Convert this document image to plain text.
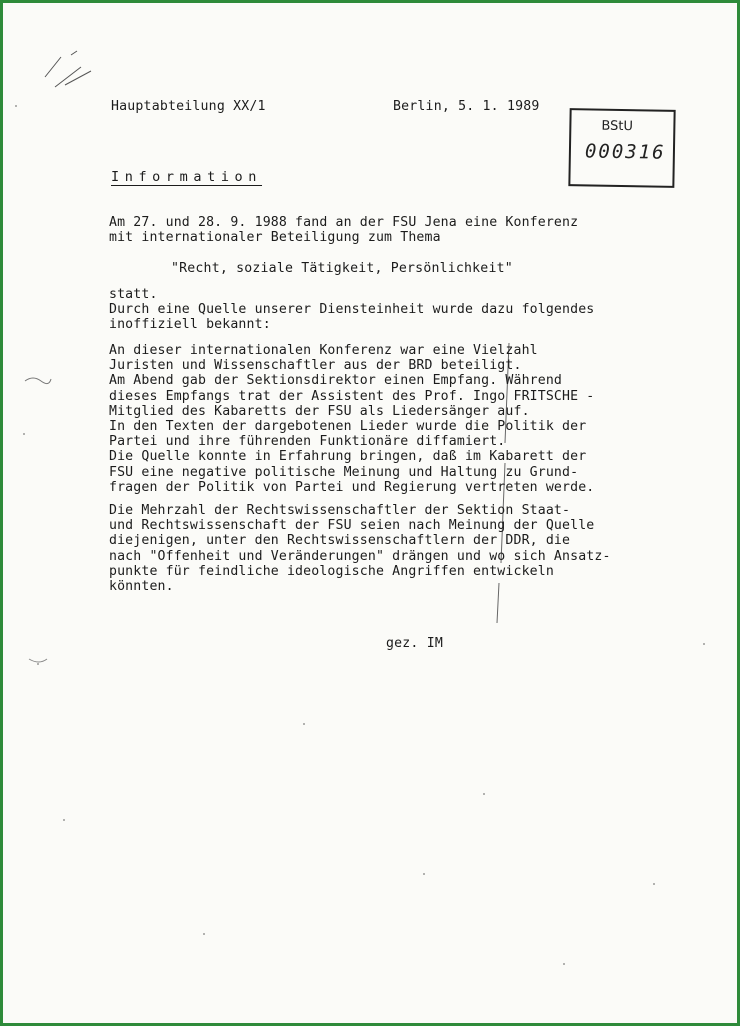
Hauptabteilung XX/1	Berlin, 5. 1. 1989
BStU
000316
Information
Am 27. und 28. 9. 1988 fand an der FSU Jena eine Konferenz
mit internationaler Beteiligung zum Thema
"Recht, soziale Tätigkeit, Persönlichkeit"
statt.
Durch eine Quelle unserer Diensteinheit wurde dazu folgendes
inoffiziell bekannt:
An dieser internationalen Konferenz war eine Vielzahl
Juristen und Wissenschaftler aus der BRD beteiligt.
Am Abend gab der Sektionsdirektor einen Empfang. Während
dieses Empfangs trat der Assistent des Prof. Ingo FRITSCHE -
Mitglied des Kabaretts der FSU als Liedersänger auf.
In den Texten der dargebotenen Lieder wurde die Politik der
Partei und ihre führenden Funktionäre diffamiert.
Die Quelle konnte in Erfahrung bringen, daß im Kabarett der
FSU eine negative politische Meinung und Haltung zu Grund-
fragen der Politik von Partei und Regierung vertreten werde.
Die Mehrzahl der Rechtswissenschaftler der Sektion Staat-
und Rechtswissenschaft der FSU seien nach Meinung der Quelle
diejenigen, unter den Rechtswissenschaftlern der DDR, die
nach "Offenheit und Veränderungen" drängen und wo sich Ansatz-
punkte für feindliche ideologische Angriffen entwickeln
könnten.
gez. IM
